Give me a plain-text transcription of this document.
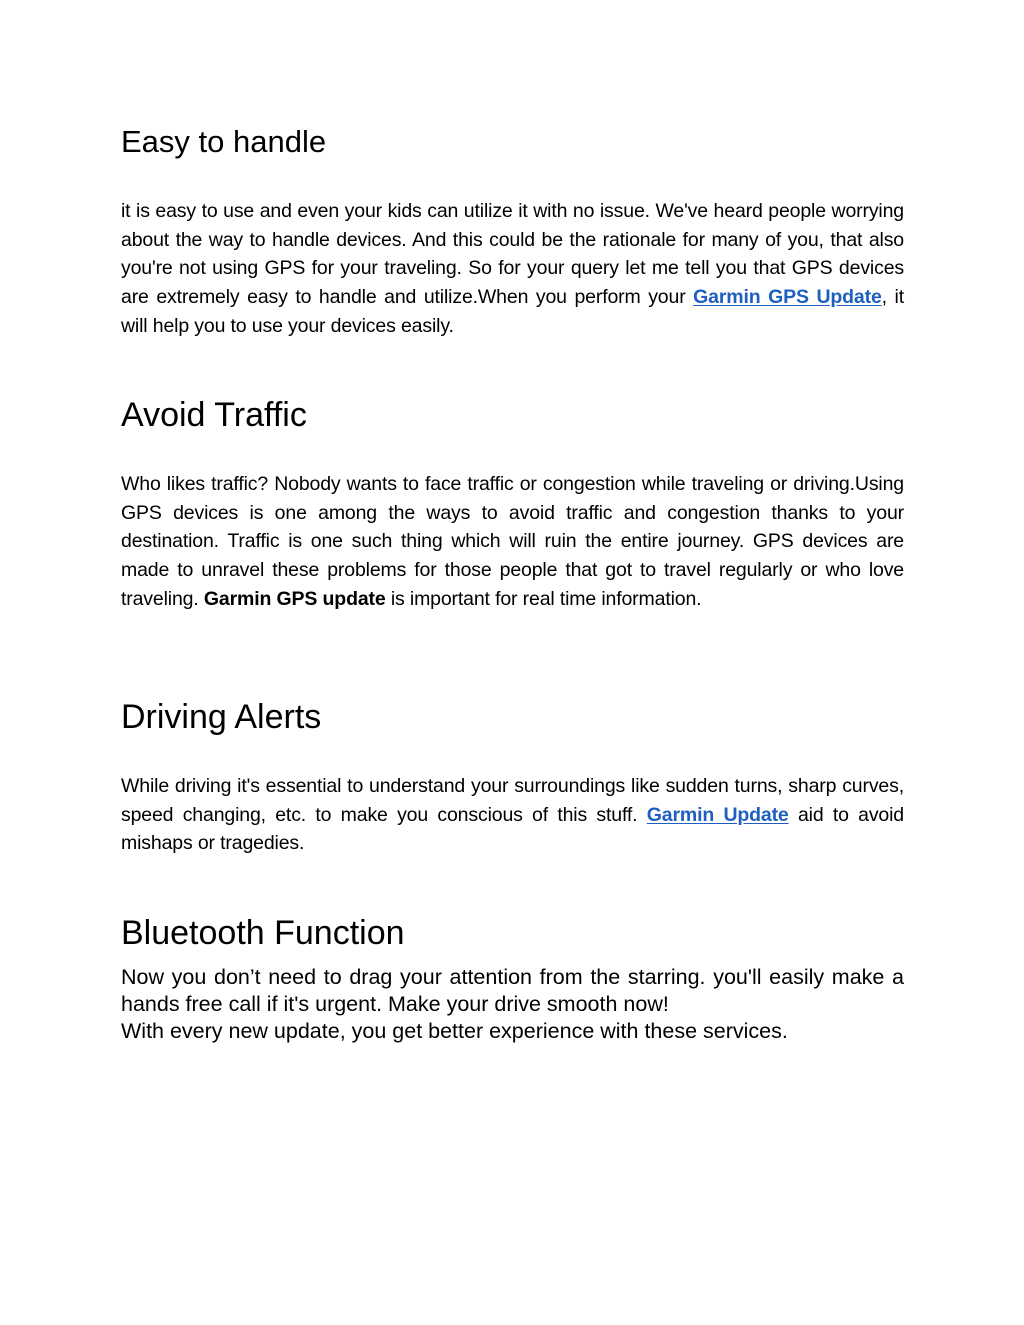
Easy to handle

it is easy to use and even your kids can utilize it with no issue. We've heard people worrying about the way to handle devices. And this could be the rationale for many of you, that also you're not using GPS for your traveling. So for your query let me tell you that GPS devices are extremely easy to handle and utilize.When you perform your Garmin GPS Update, it will help you to use your devices easily.

Avoid Traffic

Who likes traffic? Nobody wants to face traffic or congestion while traveling or driving.Using GPS devices is one among the ways to avoid traffic and congestion thanks to your destination. Traffic is one such thing which will ruin the entire journey. GPS devices are made to unravel these problems for those people that got to travel regularly or who love traveling. Garmin GPS update is important for real time information.

Driving Alerts

While driving it's essential to understand your surroundings like sudden turns, sharp curves, speed changing, etc. to make you conscious of this stuff. Garmin Update aid to avoid mishaps or tragedies.

Bluetooth Function
Now you don’t need to drag your attention from the starring. you'll easily make a hands free call if it's urgent. Make your drive smooth now!
With every new update, you get better experience with these services.
